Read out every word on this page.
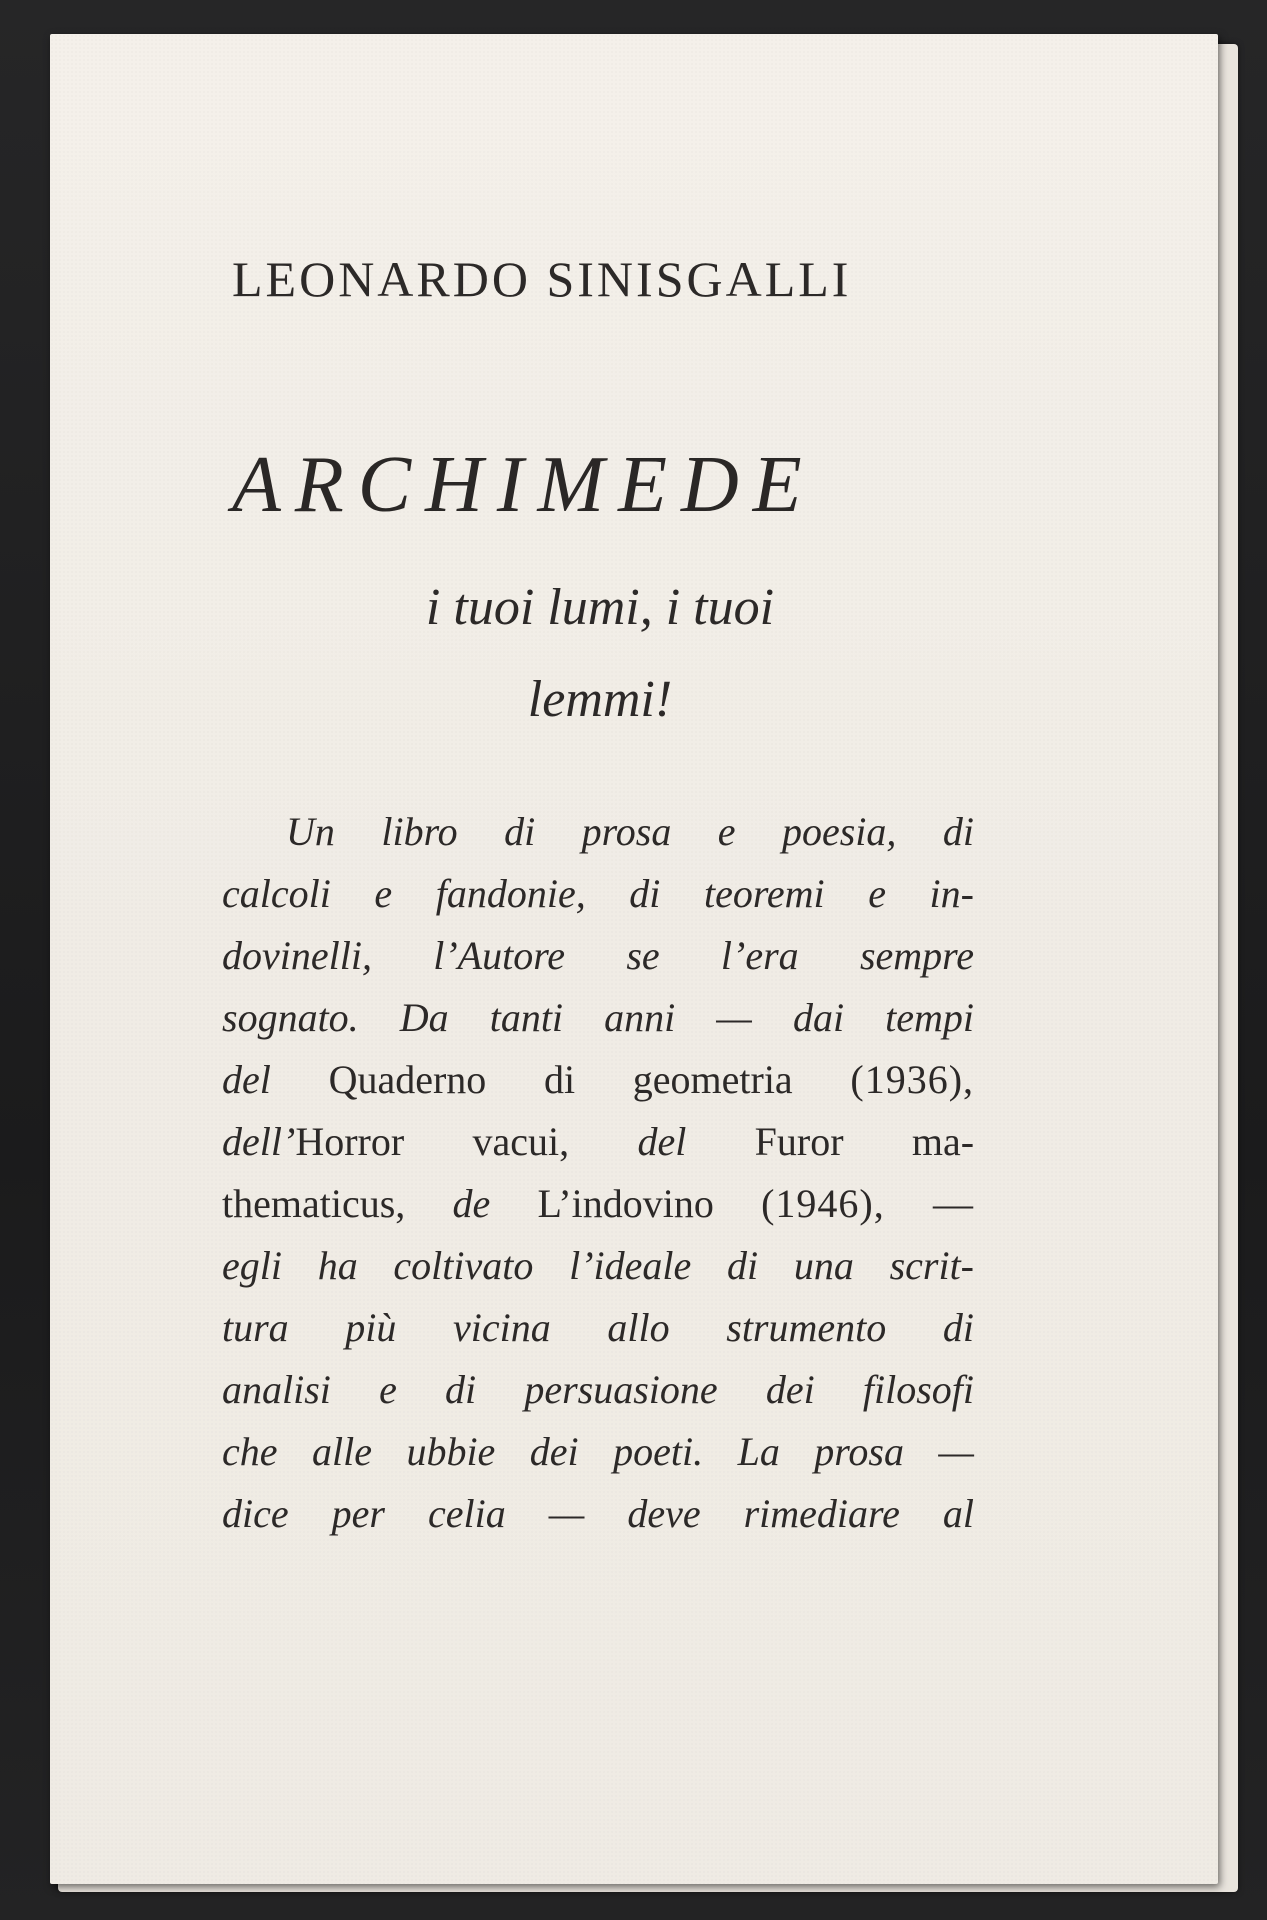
LEONARDO SINISGALLI
ARCHIMEDE
i tuoi lumi, i tuoi
lemmi!
Un libro di prosa e poesia, di
calcoli e fandonie, di teoremi e in-
dovinelli, l’Autore se l’era sempre
sognato. Da tanti anni — dai tempi
del Quaderno di geometria (1936),
dell’Horror vacui, del Furor ma-
thematicus, de L’indovino (1946), —
egli ha coltivato l’ideale di una scrit-
tura più vicina allo strumento di
analisi e di persuasione dei filosofi
che alle ubbie dei poeti. La prosa —
dice per celia — deve rimediare al
